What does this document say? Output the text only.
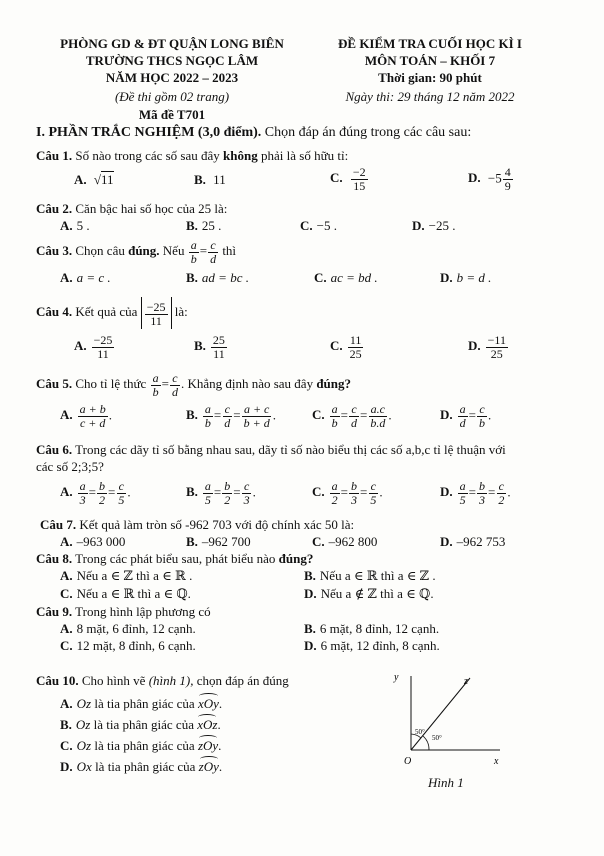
PHÒNG GD & ĐT QUẬN LONG BIÊN
TRƯỜNG THCS NGỌC LÂM
NĂM HỌC 2022 – 2023
(Đề thi gồm 02 trang)
Mã đề T701
ĐỀ KIỂM TRA CUỐI HỌC KÌ I
MÔN TOÁN – KHỐI 7
Thời gian: 90 phút
Ngày thi: 29 tháng 12 năm 2022
I. PHẦN TRẮC NGHIỆM (3,0 điểm). Chọn đáp án đúng trong các câu sau:
Câu 1. Số nào trong các số sau đây không phải là số hữu tỉ:
A. √11	B. 11	C. $\frac{-2}{15}$	D. $-5 \frac{4}{9}$
Câu 2. Căn bậc hai số học của 25 là:
A. 5 .	B. 25 .	C. −5 .	D. −25 .
Câu 3. Chọn câu đúng. Nếu $\frac{a}{b} = \frac{c}{d}$ thì
A. a = c .	B. ad = bc .	C. ac = bd .	D. b = d .
Câu 4. Kết quả của $\frac{-25}{11}$ là:
A. $\frac{-25}{11}$	B. $\frac{25}{11}$	C. $\frac{11}{25}$	D. $\frac{-11}{25}$
Câu 5. Cho tỉ lệ thức $\frac{a}{b} = \frac{c}{d}$ . Khẳng định nào sau đây đúng?
A. $\frac{a + b}{c + d}$ .	B. $\frac{a}{b} = \frac{c}{d} = \frac{a + c}{b + d}$ .	C. $\frac{a}{b} = \frac{c}{d} = \frac{a.c}{b.d}$ .	D. $\frac{a}{d} = \frac{c}{b}$ .
Câu 6. Trong các dãy tỉ số bằng nhau sau, dãy tỉ số nào biểu thị các số a,b,c tỉ lệ thuận với
các số 2;3;5?
A. $\frac{a}{3} = \frac{b}{2} = \frac{c}{5}$ .	B. $\frac{a}{5} = \frac{b}{2} = \frac{c}{3}$ .	C. $\frac{a}{2} = \frac{b}{3} = \frac{c}{5}$ .	D. $\frac{a}{5} = \frac{b}{3} = \frac{c}{2}$ .
Câu 7. Kết quả làm tròn số -962 703 với độ chính xác 50 là:
A. –963 000	B. –962 700	C. –962 800	D. –962 753
Câu 8. Trong các phát biểu sau, phát biểu nào đúng?
A. Nếu a ∈ ℤ thì a ∈ ℝ .	B. Nếu a ∈ ℝ thì a ∈ ℤ .
C. Nếu a ∈ ℝ thì a ∈ ℚ.	D. Nếu a ∉ ℤ thì a ∈ ℚ.
Câu 9. Trong hình lập phương có
A. 8 mặt, 6 đỉnh, 12 cạnh.	B. 6 mặt, 8 đỉnh, 12 cạnh.
C. 12 mặt, 8 đỉnh, 6 cạnh.	D. 6 mặt, 12 đỉnh, 8 cạnh.
Câu 10. Cho hình vẽ (hình 1), chọn đáp án đúng
A. Oz là tia phân giác của xOy.
B. Oz là tia phân giác của xOz.
C. Oz là tia phân giác của zOy.
D. Ox là tia phân giác của zOy.
y	z
O	x
50°
50°
Hình 1
